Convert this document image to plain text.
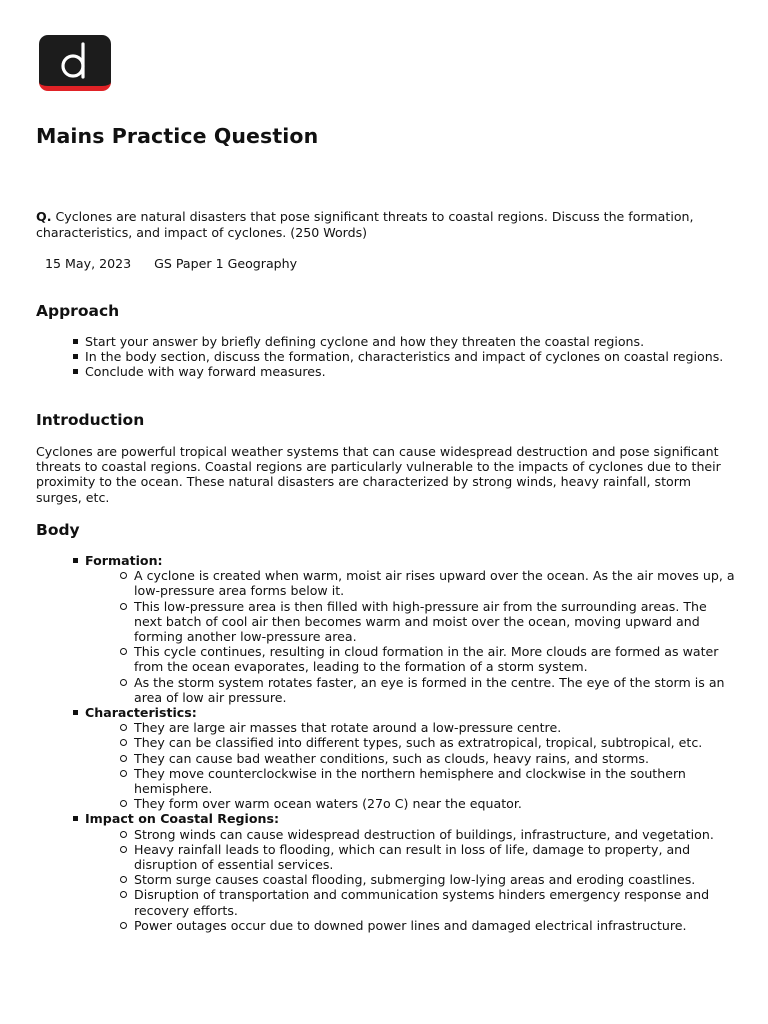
Mains Practice Question

Q. Cyclones are natural disasters that pose significant threats to coastal regions. Discuss the formation, characteristics, and impact of cyclones. (250 Words)

15 May, 2023 GS Paper 1 Geography
Approach
Start your answer by briefly defining cyclone and how they threaten the coastal regions.
In the body section, discuss the formation, characteristics and impact of cyclones on coastal regions.
Conclude with way forward measures.
Introduction

Cyclones are powerful tropical weather systems that can cause widespread destruction and pose significant threats to coastal regions. Coastal regions are particularly vulnerable to the impacts of cyclones due to their proximity to the ocean. These natural disasters are characterized by strong winds, heavy rainfall, storm surges, etc.

Body
Formation:
A cyclone is created when warm, moist air rises upward over the ocean. As the air moves up, a low-pressure area forms below it.
This low-pressure area is then filled with high-pressure air from the surrounding areas. The next batch of cool air then becomes warm and moist over the ocean, moving upward and forming another low-pressure area.
This cycle continues, resulting in cloud formation in the air. More clouds are formed as water from the ocean evaporates, leading to the formation of a storm system.
As the storm system rotates faster, an eye is formed in the centre. The eye of the storm is an area of low air pressure.
Characteristics:
They are large air masses that rotate around a low-pressure centre.
They can be classified into different types, such as extratropical, tropical, subtropical, etc.
They can cause bad weather conditions, such as clouds, heavy rains, and storms.
They move counterclockwise in the northern hemisphere and clockwise in the southern hemisphere.
They form over warm ocean waters (27o C) near the equator.
Impact on Coastal Regions:
Strong winds can cause widespread destruction of buildings, infrastructure, and vegetation.
Heavy rainfall leads to flooding, which can result in loss of life, damage to property, and disruption of essential services.
Storm surge causes coastal flooding, submerging low-lying areas and eroding coastlines.
Disruption of transportation and communication systems hinders emergency response and recovery efforts.
Power outages occur due to downed power lines and damaged electrical infrastructure.
